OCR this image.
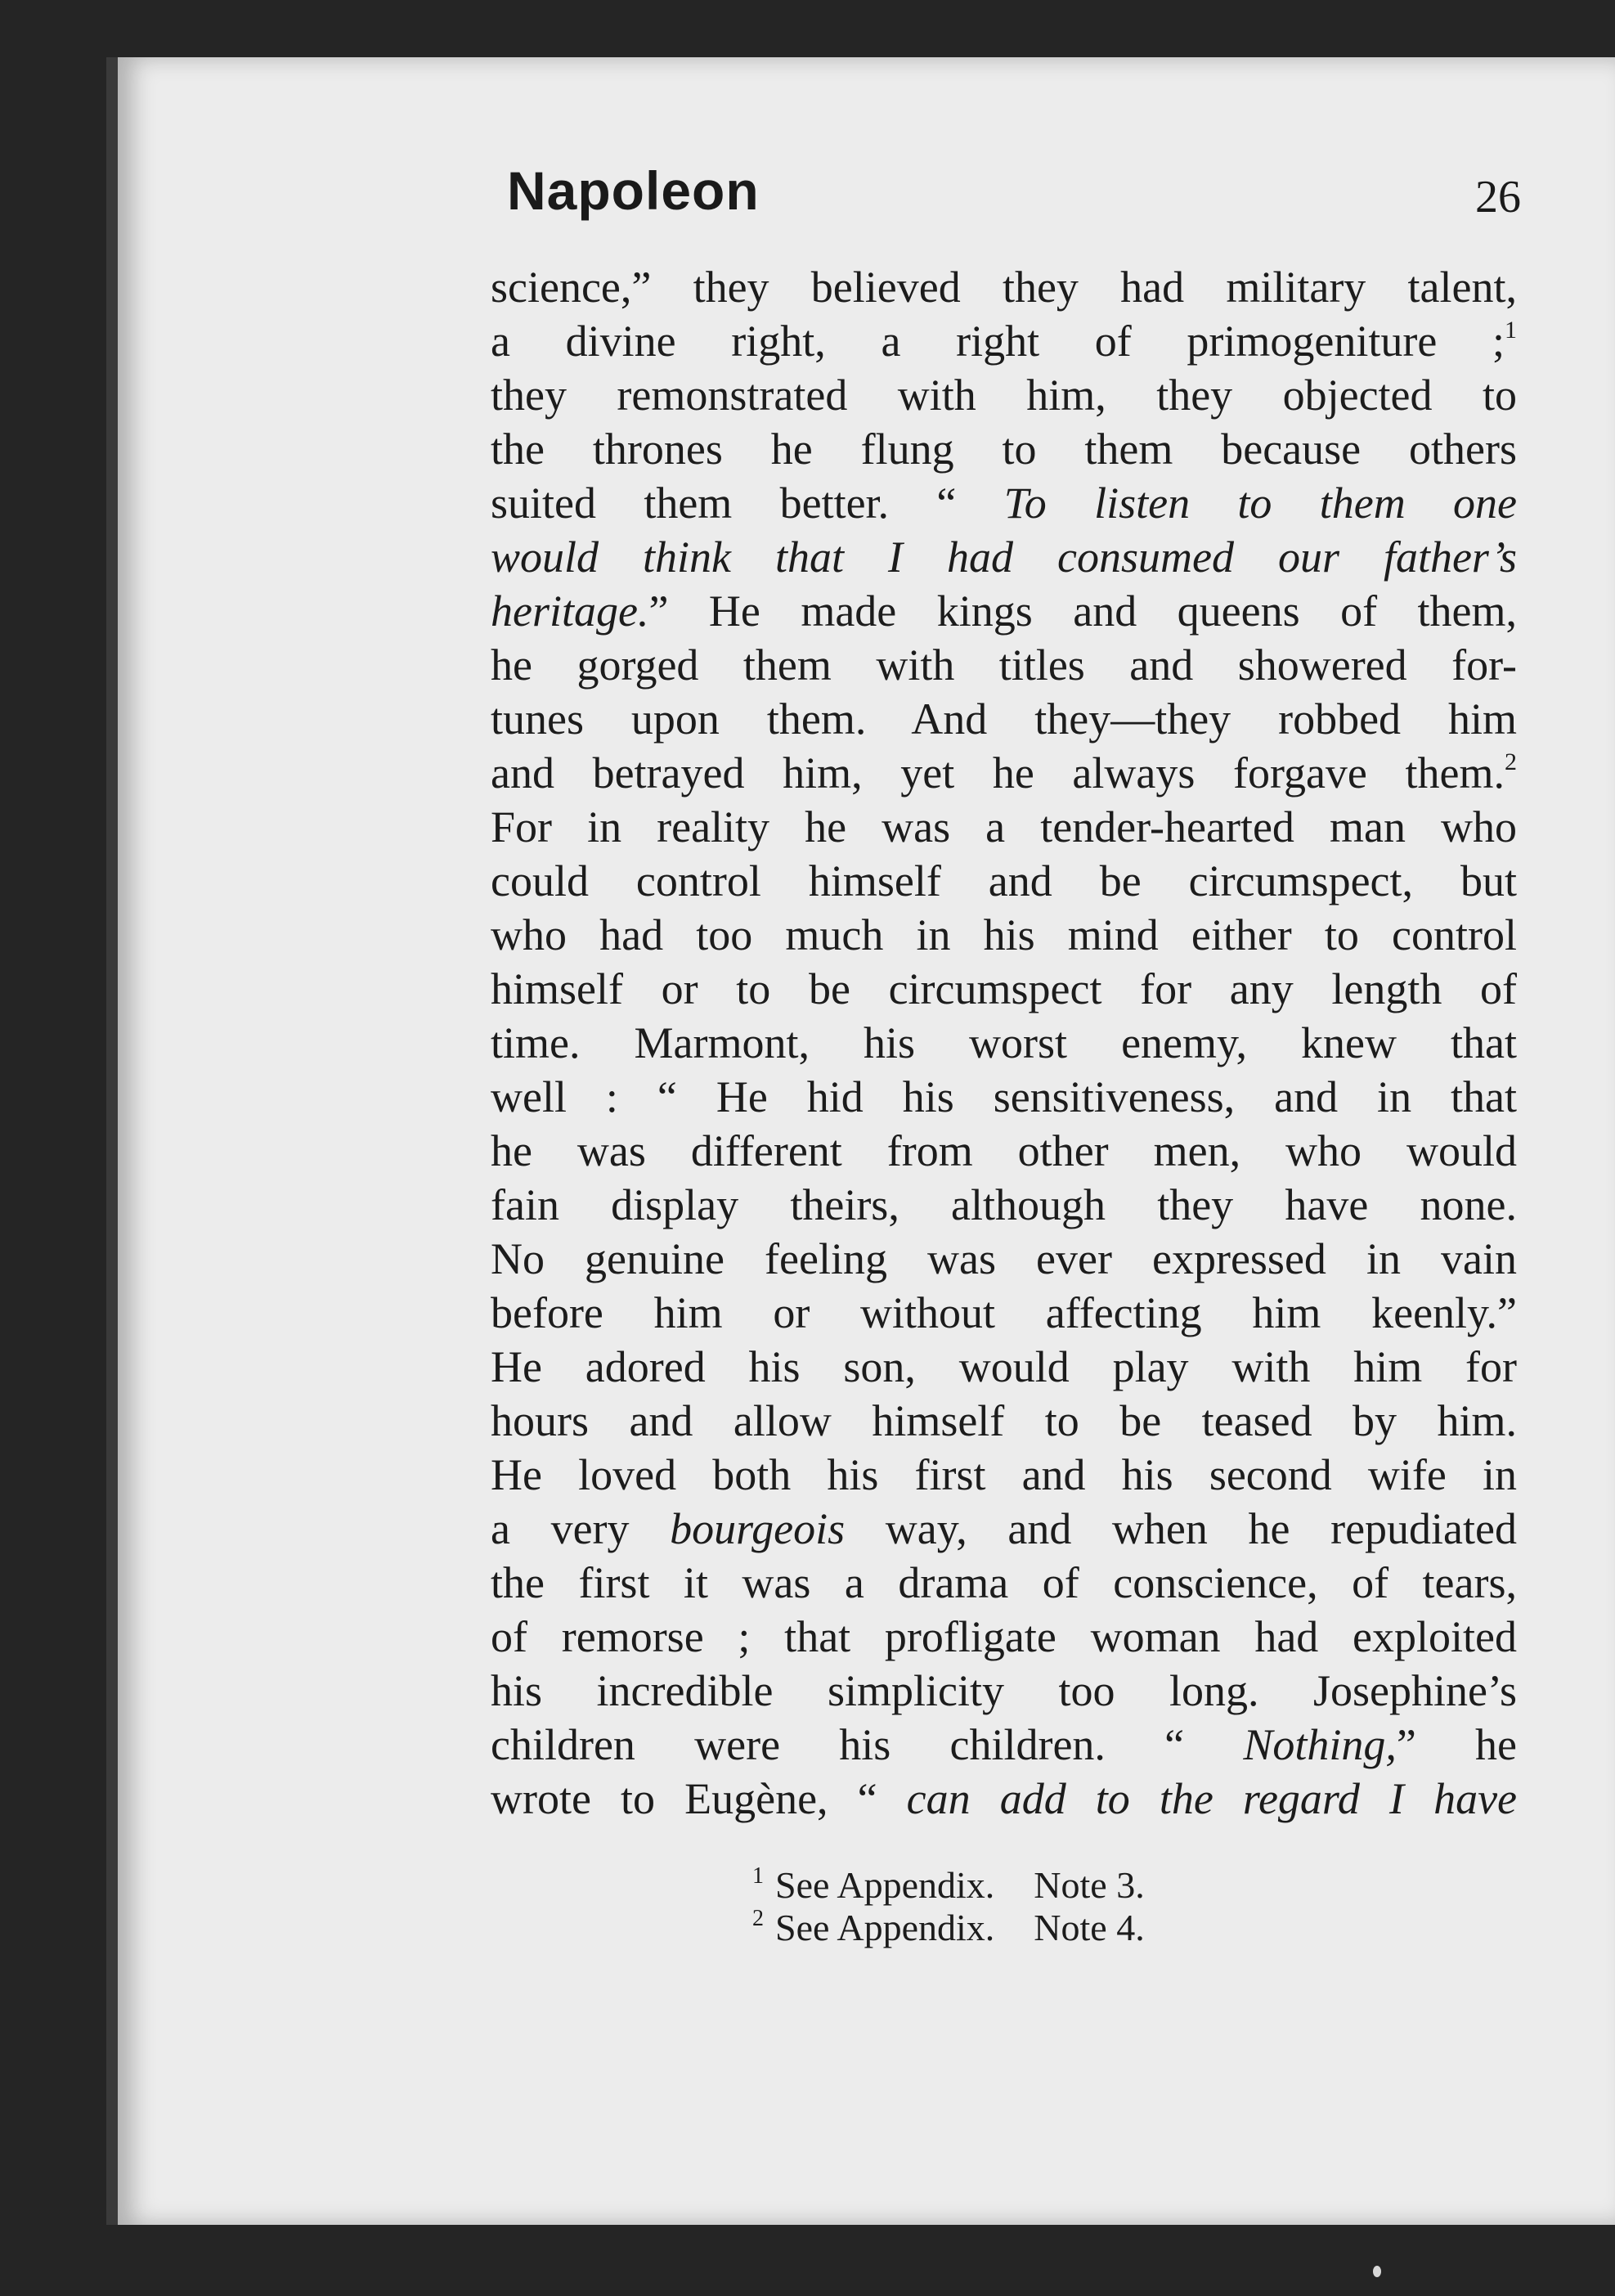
Napoleon	26
science,” they believed they had military talent,
a divine right, a right of primogeniture ;$^1$
they remonstrated with him, they objected to
the thrones he flung to them because others
suited them better. “ To listen to them one
would think that I had consumed our father’s
heritage.” He made kings and queens of them,
he gorged them with titles and showered for-
tunes upon them. And they—they robbed him
and betrayed him, yet he always forgave them.$^2$
For in reality he was a tender-hearted man who
could control himself and be circumspect, but
who had too much in his mind either to control
himself or to be circumspect for any length of
time. Marmont, his worst enemy, knew that
well : “ He hid his sensitiveness, and in that
he was different from other men, who would
fain display theirs, although they have none.
No genuine feeling was ever expressed in vain
before him or without affecting him keenly.”
He adored his son, would play with him for
hours and allow himself to be teased by him.
He loved both his first and his second wife in
a very bourgeois way, and when he repudiated
the first it was a drama of conscience, of tears,
of remorse ; that profligate woman had exploited
his incredible simplicity too long. Josephine’s
children were his children. “ Nothing,” he
wrote to Eugène, “ can add to the regard I have
$^1$ See Appendix. Note 3.
$^2$ See Appendix. Note 4.
